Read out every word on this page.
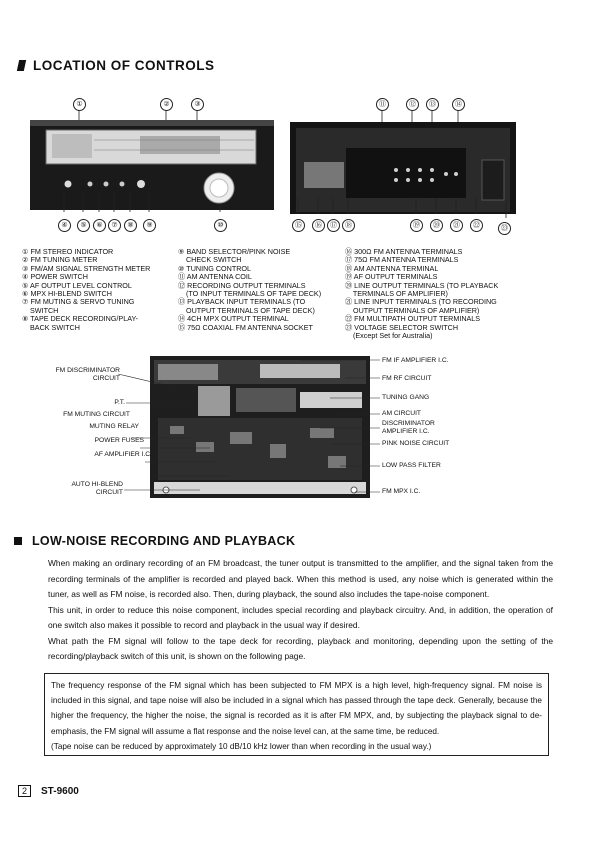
LOCATION OF CONTROLS
①	②	③
④	⑤	⑥	⑦	⑧	⑨	⑩
⑪	⑫	⑬	⑭
⑮	⑯	⑰	⑱	⑲	⑳	㉑	㉒	㉓
① FM STEREO INDICATOR
② FM TUNING METER
③ FM/AM SIGNAL STRENGTH METER
④ POWER SWITCH
⑤ AF OUTPUT LEVEL CONTROL
⑥ MPX HI-BLEND SWITCH
⑦ FM MUTING & SERVO TUNING
SWITCH
⑧ TAPE DECK RECORDING/PLAY-
BACK SWITCH
⑨ BAND SELECTOR/PINK NOISE
CHECK SWITCH
⑩ TUNING CONTROL
⑪ AM ANTENNA COIL
⑫ RECORDING OUTPUT TERMINALS
(TO INPUT TERMINALS OF TAPE DECK)
⑬ PLAYBACK INPUT TERMINALS (TO
OUTPUT TERMINALS OF TAPE DECK)
⑭ 4CH MPX OUTPUT TERMINAL
⑮ 75Ω COAXIAL FM ANTENNA SOCKET
⑯ 300Ω FM ANTENNA TERMINALS
⑰ 75Ω FM ANTENNA TERMINALS
⑱ AM ANTENNA TERMINAL
⑲ AF OUTPUT TERMINALS
⑳ LINE OUTPUT TERMINALS (TO PLAYBACK
TERMINALS OF AMPLIFIER)
㉑ LINE INPUT TERMINALS (TO RECORDING
OUTPUT TERMINALS OF AMPLIFIER)
㉒ FM MULTIPATH OUTPUT TERMINALS
㉓ VOLTAGE SELECTOR SWITCH
(Except Set for Australia)
FM DISCRIMINATOR
CIRCUIT
P.T.
FM MUTING CIRCUIT
MUTING RELAY
POWER FUSES
AF AMPLIFIER I.C.
AUTO HI-BLEND
CIRCUIT
FM IF AMPLIFIER I.C.
FM RF CIRCUIT
TUNING GANG
AM CIRCUIT
DISCRIMINATOR
AMPLIFIER I.C.
PINK NOISE CIRCUIT
LOW PASS FILTER
FM MPX I.C.
LOW-NOISE RECORDING AND PLAYBACK

When making an ordinary recording of an FM broadcast, the tuner output is transmitted to the amplifier, and the signal taken from the recording terminals of the amplifier is recorded and played back. When this method is used, any noise which is generated within the tuner, as well as FM noise, is recorded also. Then, during playback, the sound also includes the tape-noise component.

This unit, in order to reduce this noise component, includes special recording and playback circuitry. And, in addition, the operation of one switch also makes it possible to record and playback in the usual way if desired.

What path the FM signal will follow to the tape deck for recording, playback and monitoring, depending upon the setting of the recording/playback switch of this unit, is shown on the following page.

The frequency response of the FM signal which has been subjected to FM MPX is a high level, high-frequency signal. FM noise is included in this signal, and tape noise will also be included in a signal which has passed through the tape deck. Generally, because the higher the frequency, the higher the noise, the signal is recorded as it is after FM MPX, and, by subjecting the playback signal to de-emphasis, the FM signal will assume a flat response and the noise level can, at the same time, be reduced.
(Tape noise can be reduced by approximately 10 dB/10 kHz lower than when recording in the usual way.)
2 ST-9600
